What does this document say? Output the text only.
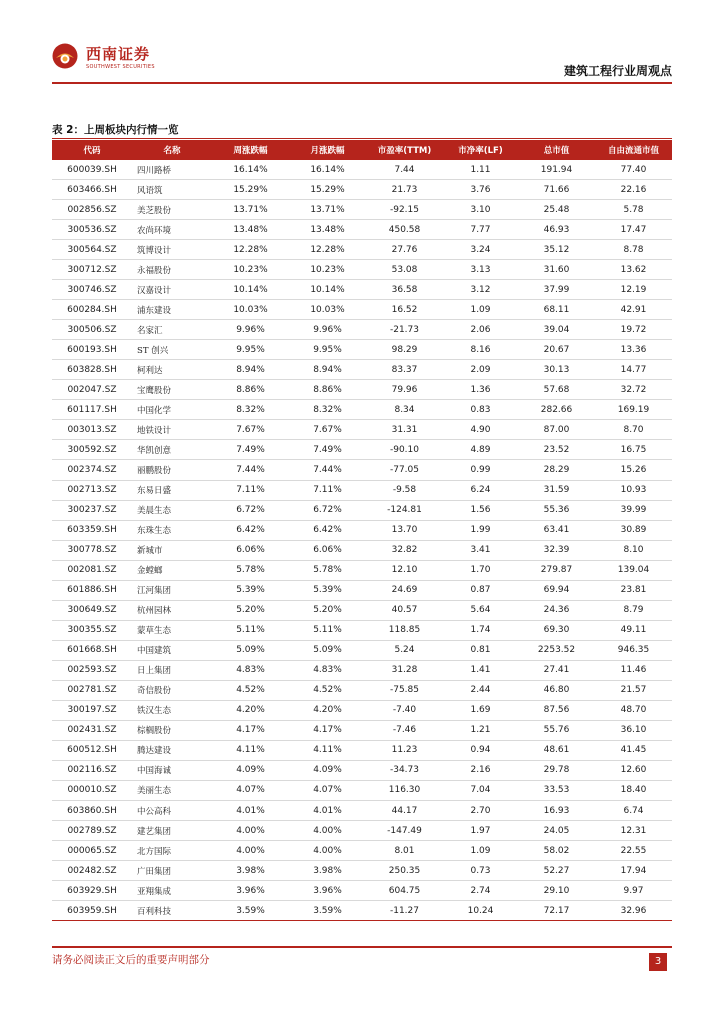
西南证券
SOUTHWEST SECURITIES	建筑工程行业周观点
表 2：上周板块内行情一览
代码	名称	周涨跌幅	月涨跌幅	市盈率(TTM)	市净率(LF)	总市值	自由流通市值
600039.SH	四川路桥	16.14%	16.14%	7.44	1.11	191.94	77.40
603466.SH	风语筑	15.29%	15.29%	21.73	3.76	71.66	22.16
002856.SZ	美芝股份	13.71%	13.71%	-92.15	3.10	25.48	5.78
300536.SZ	农尚环境	13.48%	13.48%	450.58	7.77	46.93	17.47
300564.SZ	筑博设计	12.28%	12.28%	27.76	3.24	35.12	8.78
300712.SZ	永福股份	10.23%	10.23%	53.08	3.13	31.60	13.62
300746.SZ	汉嘉设计	10.14%	10.14%	36.58	3.12	37.99	12.19
600284.SH	浦东建设	10.03%	10.03%	16.52	1.09	68.11	42.91
300506.SZ	名家汇	9.96%	9.96%	-21.73	2.06	39.04	19.72
600193.SH	ST 创兴	9.95%	9.95%	98.29	8.16	20.67	13.36
603828.SH	柯利达	8.94%	8.94%	83.37	2.09	30.13	14.77
002047.SZ	宝鹰股份	8.86%	8.86%	79.96	1.36	57.68	32.72
601117.SH	中国化学	8.32%	8.32%	8.34	0.83	282.66	169.19
003013.SZ	地铁设计	7.67%	7.67%	31.31	4.90	87.00	8.70
300592.SZ	华凯创意	7.49%	7.49%	-90.10	4.89	23.52	16.75
002374.SZ	丽鹏股份	7.44%	7.44%	-77.05	0.99	28.29	15.26
002713.SZ	东易日盛	7.11%	7.11%	-9.58	6.24	31.59	10.93
300237.SZ	美晨生态	6.72%	6.72%	-124.81	1.56	55.36	39.99
603359.SH	东珠生态	6.42%	6.42%	13.70	1.99	63.41	30.89
300778.SZ	新城市	6.06%	6.06%	32.82	3.41	32.39	8.10
002081.SZ	金螳螂	5.78%	5.78%	12.10	1.70	279.87	139.04
601886.SH	江河集团	5.39%	5.39%	24.69	0.87	69.94	23.81
300649.SZ	杭州园林	5.20%	5.20%	40.57	5.64	24.36	8.79
300355.SZ	蒙草生态	5.11%	5.11%	118.85	1.74	69.30	49.11
601668.SH	中国建筑	5.09%	5.09%	5.24	0.81	2253.52	946.35
002593.SZ	日上集团	4.83%	4.83%	31.28	1.41	27.41	11.46
002781.SZ	奇信股份	4.52%	4.52%	-75.85	2.44	46.80	21.57
300197.SZ	铁汉生态	4.20%	4.20%	-7.40	1.69	87.56	48.70
002431.SZ	棕榈股份	4.17%	4.17%	-7.46	1.21	55.76	36.10
600512.SH	腾达建设	4.11%	4.11%	11.23	0.94	48.61	41.45
002116.SZ	中国海诚	4.09%	4.09%	-34.73	2.16	29.78	12.60
000010.SZ	美丽生态	4.07%	4.07%	116.30	7.04	33.53	18.40
603860.SH	中公高科	4.01%	4.01%	44.17	2.70	16.93	6.74
002789.SZ	建艺集团	4.00%	4.00%	-147.49	1.97	24.05	12.31
000065.SZ	北方国际	4.00%	4.00%	8.01	1.09	58.02	22.55
002482.SZ	广田集团	3.98%	3.98%	250.35	0.73	52.27	17.94
603929.SH	亚翔集成	3.96%	3.96%	604.75	2.74	29.10	9.97
603959.SH	百利科技	3.59%	3.59%	-11.27	10.24	72.17	32.96
请务必阅读正文后的重要声明部分	3
